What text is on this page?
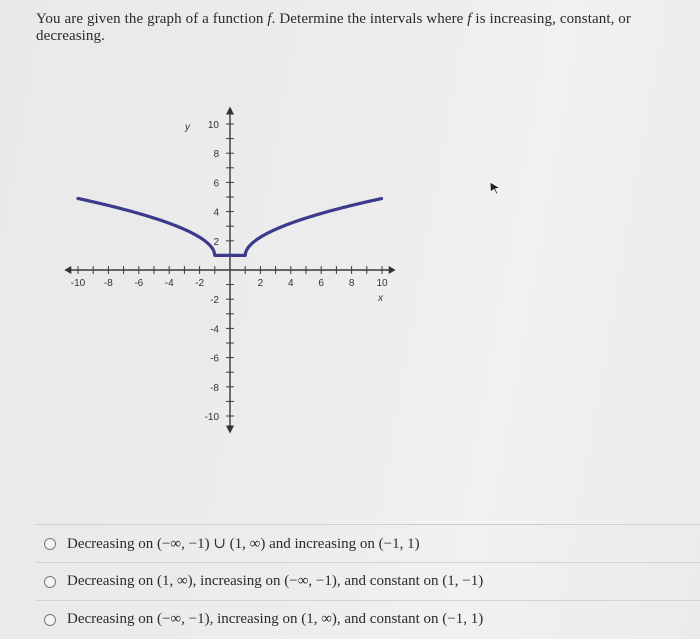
You are given the graph of a function f. Determine the intervals where f is increasing, constant, or decreasing.
-10 -8 -6 -4 -2	2 4 6 8 10
10
8
6
4
2
-2
-4
-6
-8
-10
x
y
Decreasing on (−∞, −1) ∪ (1, ∞) and increasing on (−1, 1)
Decreasing on (1, ∞), increasing on (−∞, −1), and constant on (1, −1)
Decreasing on (−∞, −1), increasing on (1, ∞), and constant on (−1, 1)
